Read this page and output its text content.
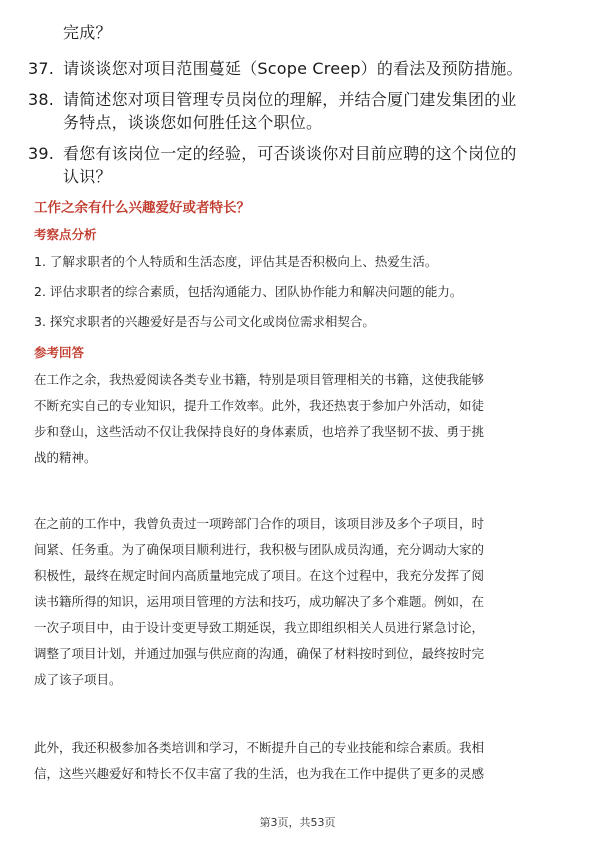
完成？
37. 请谈谈您对项目范围蔓延（Scope Creep）的看法及预防措施。
38. 请简述您对项目管理专员岗位的理解，并结合厦门建发集团的业
务特点，谈谈您如何胜任这个职位。
39. 看您有该岗位一定的经验，可否谈谈你对目前应聘的这个岗位的
认识？
工作之余有什么兴趣爱好或者特长？
考察点分析
1. 了解求职者的个人特质和生活态度，评估其是否积极向上、热爱生活。
2. 评估求职者的综合素质，包括沟通能力、团队协作能力和解决问题的能力。
3. 探究求职者的兴趣爱好是否与公司文化或岗位需求相契合。
参考回答
在工作之余，我热爱阅读各类专业书籍，特别是项目管理相关的书籍，这使我能够
不断充实自己的专业知识，提升工作效率。此外，我还热衷于参加户外活动，如徒
步和登山，这些活动不仅让我保持良好的身体素质，也培养了我坚韧不拔、勇于挑
战的精神。
在之前的工作中，我曾负责过一项跨部门合作的项目，该项目涉及多个子项目，时
间紧、任务重。为了确保项目顺利进行，我积极与团队成员沟通，充分调动大家的
积极性，最终在规定时间内高质量地完成了项目。在这个过程中，我充分发挥了阅
读书籍所得的知识，运用项目管理的方法和技巧，成功解决了多个难题。例如，在
一次子项目中，由于设计变更导致工期延误，我立即组织相关人员进行紧急讨论，
调整了项目计划，并通过加强与供应商的沟通，确保了材料按时到位，最终按时完
成了该子项目。
此外，我还积极参加各类培训和学习，不断提升自己的专业技能和综合素质。我相
信，这些兴趣爱好和特长不仅丰富了我的生活，也为我在工作中提供了更多的灵感
第3页，共53页
